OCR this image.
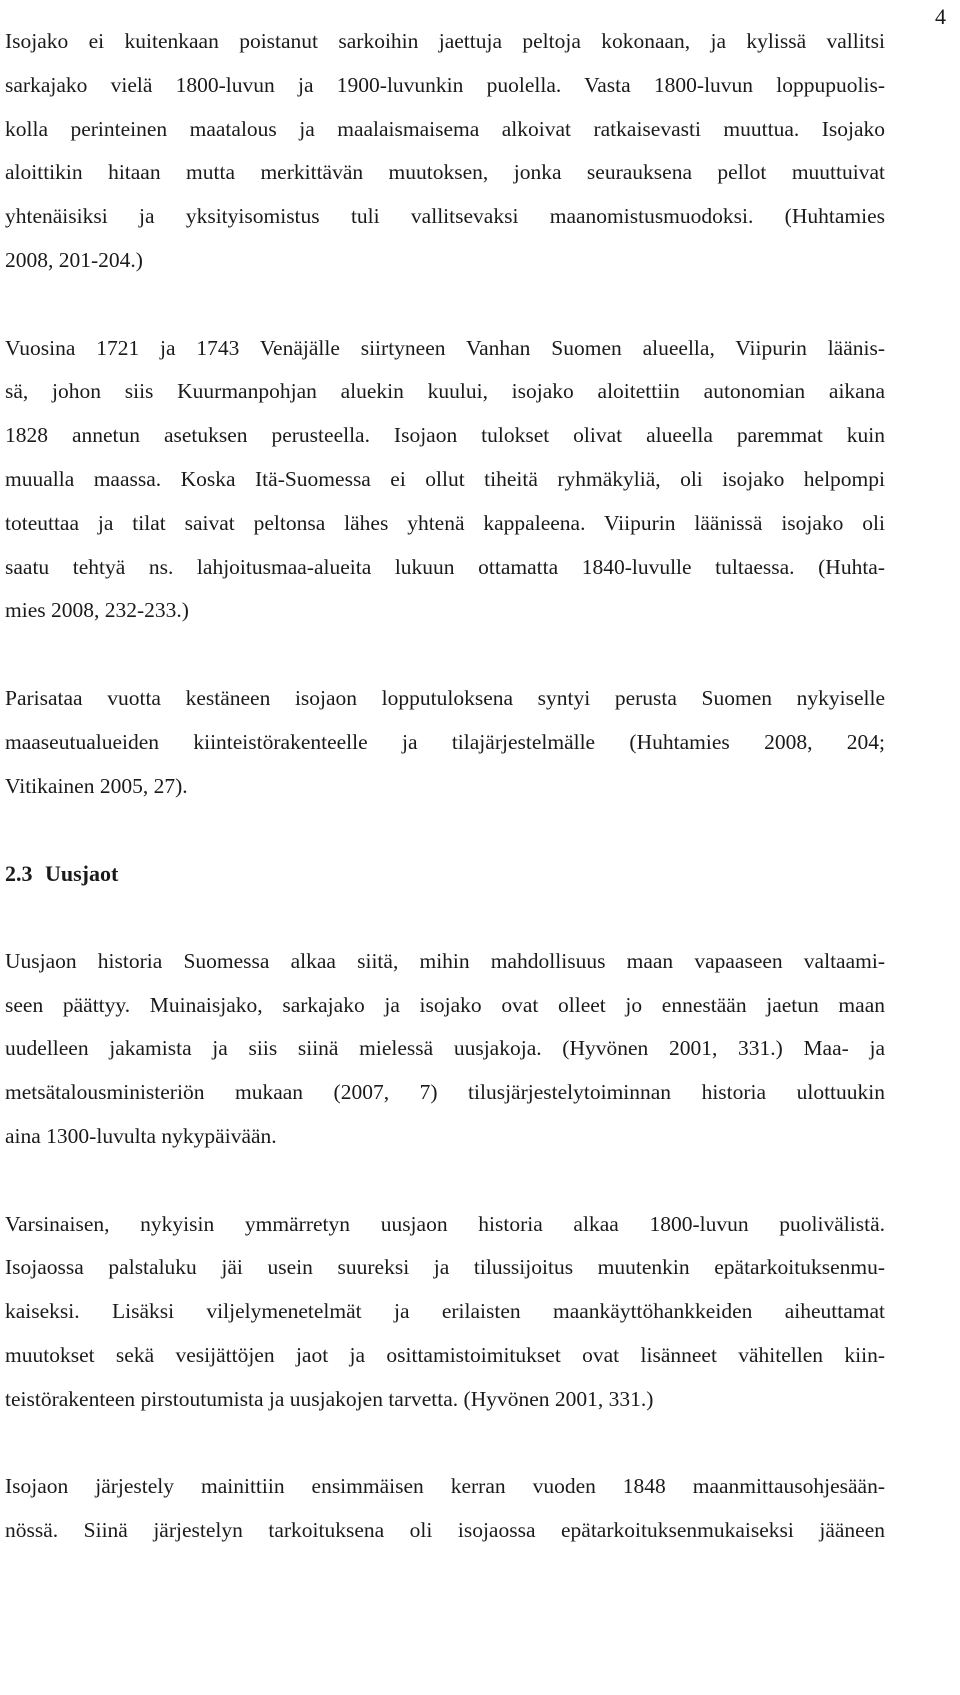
4
Isojako ei kuitenkaan poistanut sarkoihin jaettuja peltoja kokonaan, ja kylissä vallitsi
sarkajako vielä 1800-luvun ja 1900-luvunkin puolella. Vasta 1800-luvun loppupuolis-
kolla perinteinen maatalous ja maalaismaisema alkoivat ratkaisevasti muuttua. Isojako
aloittikin hitaan mutta merkittävän muutoksen, jonka seurauksena pellot muuttuivat
yhtenäisiksi ja yksityisomistus tuli vallitsevaksi maanomistusmuodoksi. (Huhtamies
2008, 201-204.)
Vuosina 1721 ja 1743 Venäjälle siirtyneen Vanhan Suomen alueella, Viipurin läänis-
sä, johon siis Kuurmanpohjan aluekin kuului, isojako aloitettiin autonomian aikana
1828 annetun asetuksen perusteella. Isojaon tulokset olivat alueella paremmat kuin
muualla maassa. Koska Itä-Suomessa ei ollut tiheitä ryhmäkyliä, oli isojako helpompi
toteuttaa ja tilat saivat peltonsa lähes yhtenä kappaleena. Viipurin läänissä isojako oli
saatu tehtyä ns. lahjoitusmaa-alueita lukuun ottamatta 1840-luvulle tultaessa. (Huhta-
mies 2008, 232-233.)
Parisataa vuotta kestäneen isojaon lopputuloksena syntyi perusta Suomen nykyiselle
maaseutualueiden kiinteistörakenteelle ja tilajärjestelmälle (Huhtamies 2008, 204;
Vitikainen 2005, 27).
2.3 Uusjaot
Uusjaon historia Suomessa alkaa siitä, mihin mahdollisuus maan vapaaseen valtaami-
seen päättyy. Muinaisjako, sarkajako ja isojako ovat olleet jo ennestään jaetun maan
uudelleen jakamista ja siis siinä mielessä uusjakoja. (Hyvönen 2001, 331.) Maa- ja
metsätalousministeriön mukaan (2007, 7) tilusjärjestelytoiminnan historia ulottuukin
aina 1300-luvulta nykypäivään.
Varsinaisen, nykyisin ymmärretyn uusjaon historia alkaa 1800-luvun puolivälistä.
Isojaossa palstaluku jäi usein suureksi ja tilussijoitus muutenkin epätarkoituksenmu-
kaiseksi. Lisäksi viljelymenetelmät ja erilaisten maankäyttöhankkeiden aiheuttamat
muutokset sekä vesijättöjen jaot ja osittamistoimitukset ovat lisänneet vähitellen kiin-
teistörakenteen pirstoutumista ja uusjakojen tarvetta. (Hyvönen 2001, 331.)
Isojaon järjestely mainittiin ensimmäisen kerran vuoden 1848 maanmittausohjesään-
nössä. Siinä järjestelyn tarkoituksena oli isojaossa epätarkoituksenmukaiseksi jääneen
